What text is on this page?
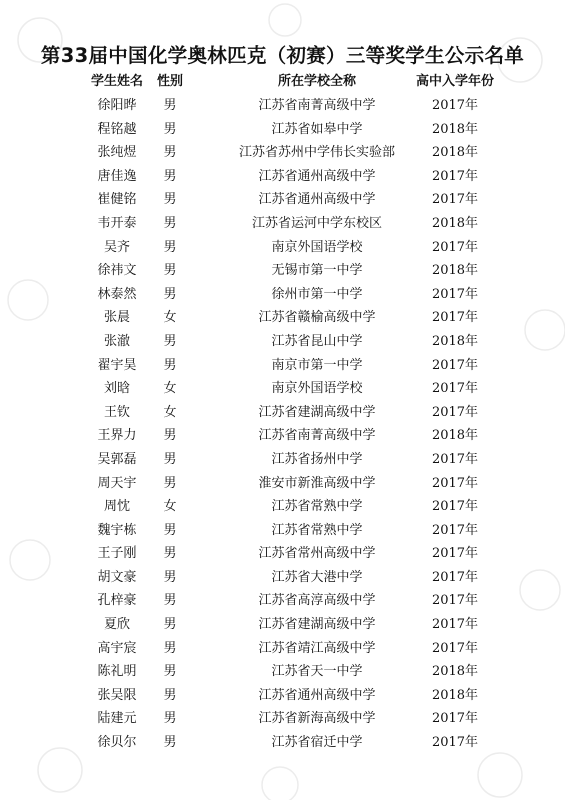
第33届中国化学奥林匹克（初赛）三等奖学生公示名单
学生姓名	性别	所在学校全称	高中入学年份
徐阳晔	男	江苏省南菁高级中学	2017年
程铭越	男	江苏省如皋中学	2018年
张纯煜	男	江苏省苏州中学伟长实验部	2018年
唐佳逸	男	江苏省通州高级中学	2017年
崔健铭	男	江苏省通州高级中学	2017年
韦开泰	男	江苏省运河中学东校区	2018年
吴齐	男	南京外国语学校	2017年
徐祎文	男	无锡市第一中学	2018年
林泰然	男	徐州市第一中学	2017年
张晨	女	江苏省赣榆高级中学	2017年
张澈	男	江苏省昆山中学	2018年
翟宇昊	男	南京市第一中学	2017年
刘晗	女	南京外国语学校	2017年
王钦	女	江苏省建湖高级中学	2017年
王界力	男	江苏省南菁高级中学	2018年
吴郭磊	男	江苏省扬州中学	2017年
周天宇	男	淮安市新淮高级中学	2017年
周忱	女	江苏省常熟中学	2017年
魏宇栋	男	江苏省常熟中学	2017年
王子刚	男	江苏省常州高级中学	2017年
胡文豪	男	江苏省大港中学	2017年
孔梓豪	男	江苏省高淳高级中学	2017年
夏欣	男	江苏省建湖高级中学	2017年
高宇宸	男	江苏省靖江高级中学	2017年
陈礼明	男	江苏省天一中学	2018年
张吴限	男	江苏省通州高级中学	2018年
陆建元	男	江苏省新海高级中学	2017年
徐贝尔	男	江苏省宿迁中学	2017年
